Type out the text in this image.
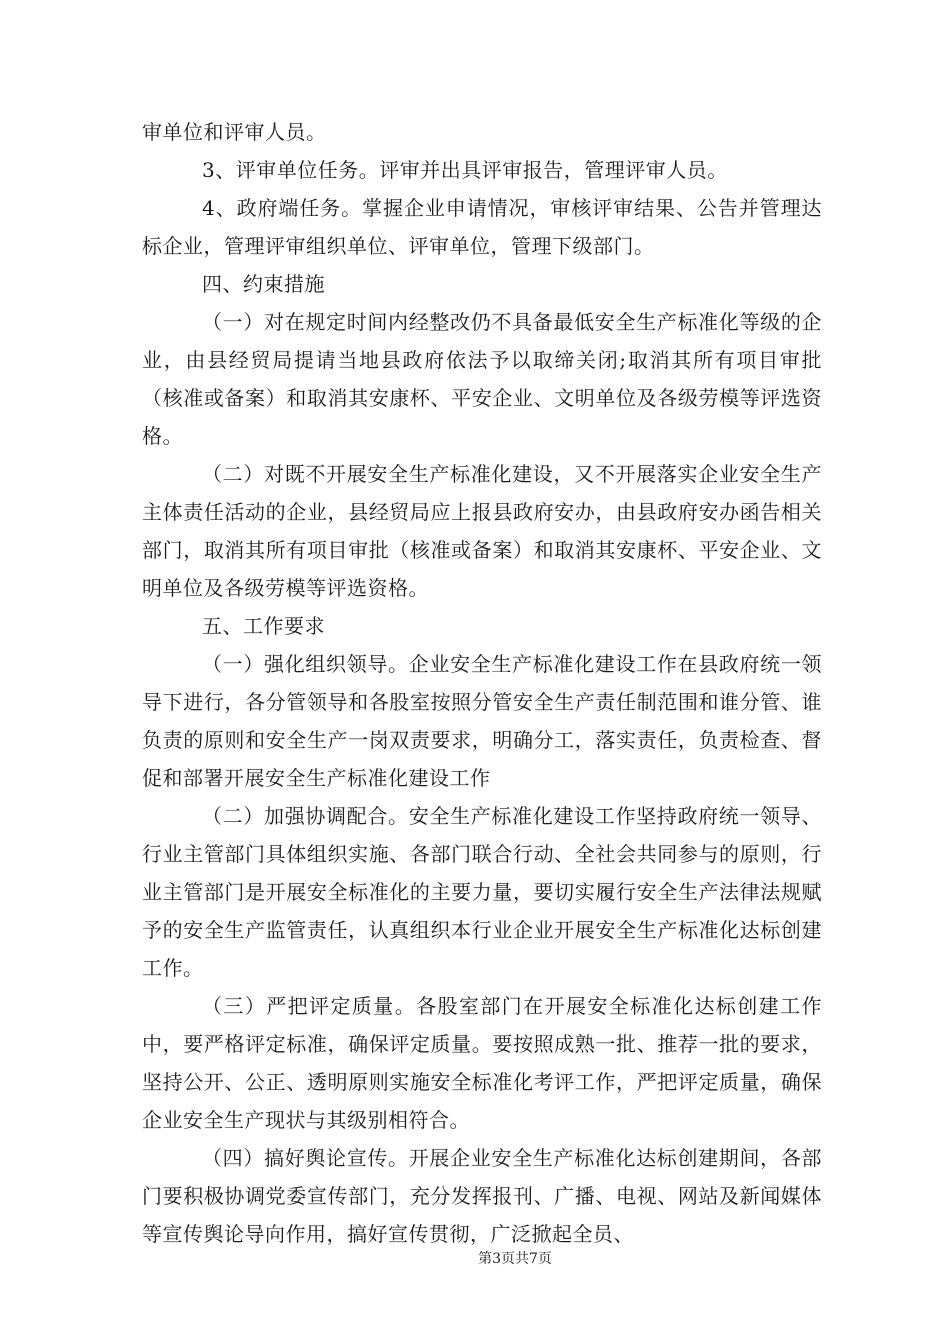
审单位和评审人员。

3、评审单位任务。评审并出具评审报告，管理评审人员。

4、政府端任务。掌握企业申请情况，审核评审结果、公告并管理达标企业，管理评审组织单位、评审单位，管理下级部门。

四、约束措施

（一）对在规定时间内经整改仍不具备最低安全生产标准化等级的企业，由县经贸局提请当地县政府依法予以取缔关闭;取消其所有项目审批（核准或备案）和取消其安康杯、平安企业、文明单位及各级劳模等评选资格。

（二）对既不开展安全生产标准化建设，又不开展落实企业安全生产主体责任活动的企业，县经贸局应上报县政府安办，由县政府安办函告相关部门，取消其所有项目审批（核准或备案）和取消其安康杯、平安企业、文明单位及各级劳模等评选资格。

五、工作要求

（一）强化组织领导。企业安全生产标准化建设工作在县政府统一领导下进行，各分管领导和各股室按照分管安全生产责任制范围和谁分管、谁负责的原则和安全生产一岗双责要求，明确分工，落实责任，负责检查、督促和部署开展安全生产标准化建设工作

（二）加强协调配合。安全生产标准化建设工作坚持政府统一领导、行业主管部门具体组织实施、各部门联合行动、全社会共同参与的原则，行业主管部门是开展安全标准化的主要力量，要切实履行安全生产法律法规赋予的安全生产监管责任，认真组织本行业企业开展安全生产标准化达标创建工作。

（三）严把评定质量。各股室部门在开展安全标准化达标创建工作中，要严格评定标准，确保评定质量。要按照成熟一批、推荐一批的要求，坚持公开、公正、透明原则实施安全标准化考评工作，严把评定质量，确保企业安全生产现状与其级别相符合。

（四）搞好舆论宣传。开展企业安全生产标准化达标创建期间，各部门要积极协调党委宣传部门，充分发挥报刊、广播、电视、网站及新闻媒体等宣传舆论导向作用，搞好宣传贯彻，广泛掀起全员、

第3页共7页
